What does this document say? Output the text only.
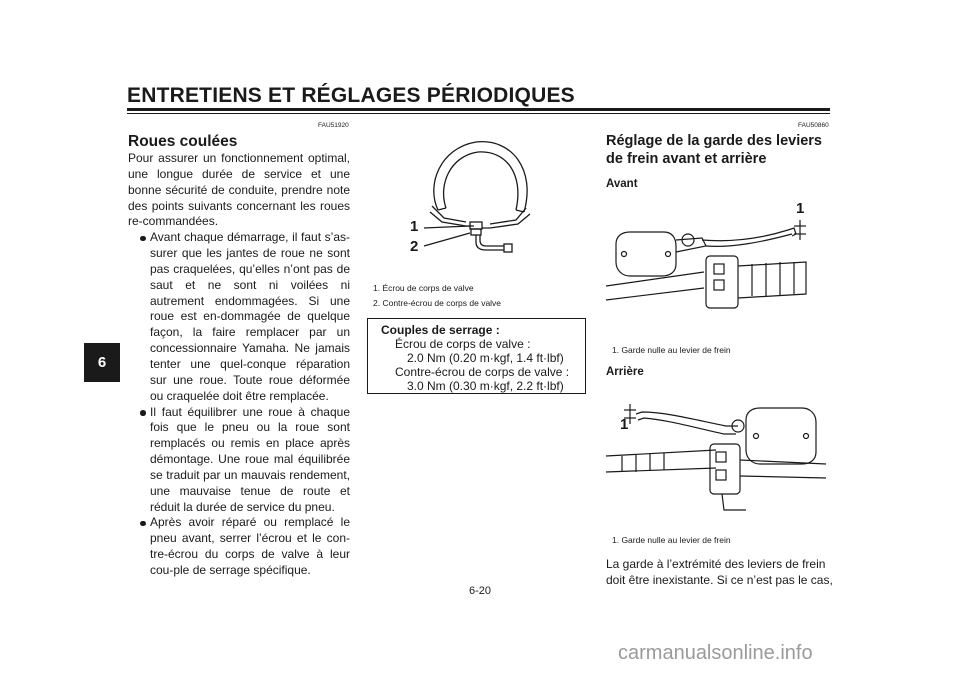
ENTRETIENS ET RÉGLAGES PÉRIODIQUES
6
FAU51920
Roues coulées

Pour assurer un fonctionnement optimal, une longue durée de service et une bonne sécurité de conduite, prendre note des points suivants concernant les roues re-commandées.

Avant chaque démarrage, il faut s’as-surer que les jantes de roue ne sont pas craquelées, qu’elles n’ont pas de saut et ne sont ni voilées ni autrement endommagées. Si une roue est en-dommagée de quelque façon, la faire remplacer par un concessionnaire Yamaha. Ne jamais tenter une quel-conque réparation sur une roue. Toute roue déformée ou craquelée doit être remplacée.
Il faut équilibrer une roue à chaque fois que le pneu ou la roue sont remplacés ou remis en place après démontage. Une roue mal équilibrée se traduit par un mauvais rendement, une mauvaise tenue de route et réduit la durée de service du pneu.
Après avoir réparé ou remplacé le pneu avant, serrer l’écrou et le con-tre-écrou du corps de valve à leur cou-ple de serrage spécifique.
1
2
1. Écrou de corps de valve
2. Contre-écrou de corps de valve
Couples de serrage :
Écrou de corps de valve :
2.0 Nm (0.20 m·kgf, 1.4 ft·lbf)
Contre-écrou de corps de valve :
3.0 Nm (0.30 m·kgf, 2.2 ft·lbf)
FAU50860
Réglage de la garde des leviers
de frein avant et arrière
Avant
1
1. Garde nulle au levier de frein
Arrière
1
1. Garde nulle au levier de frein
La garde à l’extrémité des leviers de frein
doit être inexistante. Si ce n’est pas le cas,
6-20
carmanualsonline.info
